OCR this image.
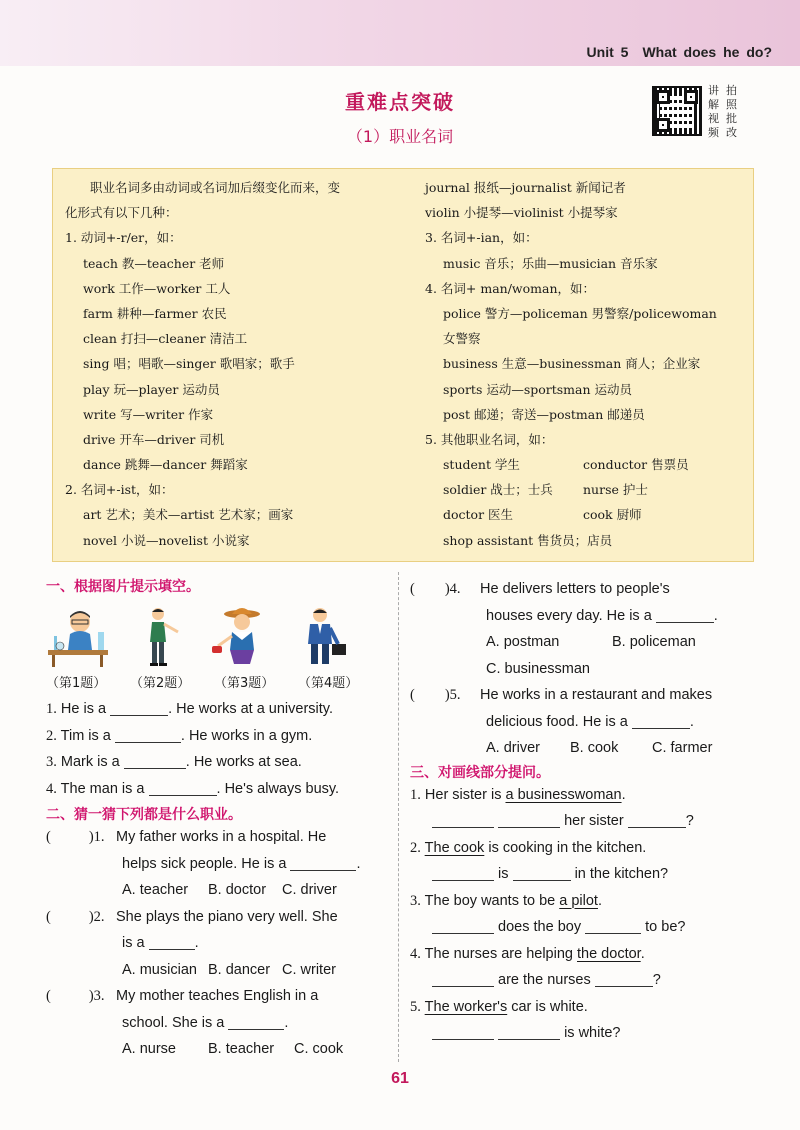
Unit 5 What does he do?
重难点突破
（1）职业名词
讲 拍
解 照
视 批
频 改
　　职业名词多由动词或名词加后缀变化而来，变
化形式有以下几种：
1. 动词+-r/er，如：
teach 教—teacher 老师
work 工作—worker 工人
farm 耕种—farmer 农民
clean 打扫—cleaner 清洁工
sing 唱；唱歌—singer 歌唱家；歌手
play 玩—player 运动员
write 写—writer 作家
drive 开车—driver 司机
dance 跳舞—dancer 舞蹈家
2. 名词+-ist，如：
art 艺术；美术—artist 艺术家；画家
novel 小说—novelist 小说家
journal 报纸—journalist 新闻记者
violin 小提琴—violinist 小提琴家
3. 名词+-ian，如：
music 音乐；乐曲—musician 音乐家
4. 名词+ man/woman，如：
police 警方—policeman 男警察/policewoman
女警察
business 生意—businessman 商人；企业家
sports 运动—sportsman 运动员
post 邮递；寄送—postman 邮递员
5. 其他职业名词，如：
student 学生	conductor 售票员
soldier 战士；士兵	nurse 护士
doctor 医生	cook 厨师
shop assistant 售货员；店员
一、根据图片提示填空。
（第1题）	（第2题）	（第3题）	（第4题）
1. He is a	. He works at a university.
2. Tim is a	. He works in a gym.
3. Mark is a	. He works at sea.
4. The man is a	. He's always busy.
二、猜一猜下列都是什么职业。
(	)1. My father works in a hospital. He
helps sick people. He is a	.
A. teacher B. doctor C. driver
(	)2. She plays the piano very well. She
is a	.
A. musician B. dancer C. writer
(	)3. My mother teaches English in a
school. She is a	.
A. nurse B. teacher C. cook
( )4. He delivers letters to people's
houses every day. He is a	.
A. postman	B. policeman
C. businessman
( )5. He works in a restaurant and makes
delicious food. He is a	.
A. driver B. cook C. farmer
三、对画线部分提问。
1. Her sister is a businesswoman.
her sister	?
2. The cook is cooking in the kitchen.
is	in the kitchen?
3. The boy wants to be a pilot.
does the boy	to be?
4. The nurses are helping the doctor.
are the nurses	?
5. The worker's car is white.
is white?
61
